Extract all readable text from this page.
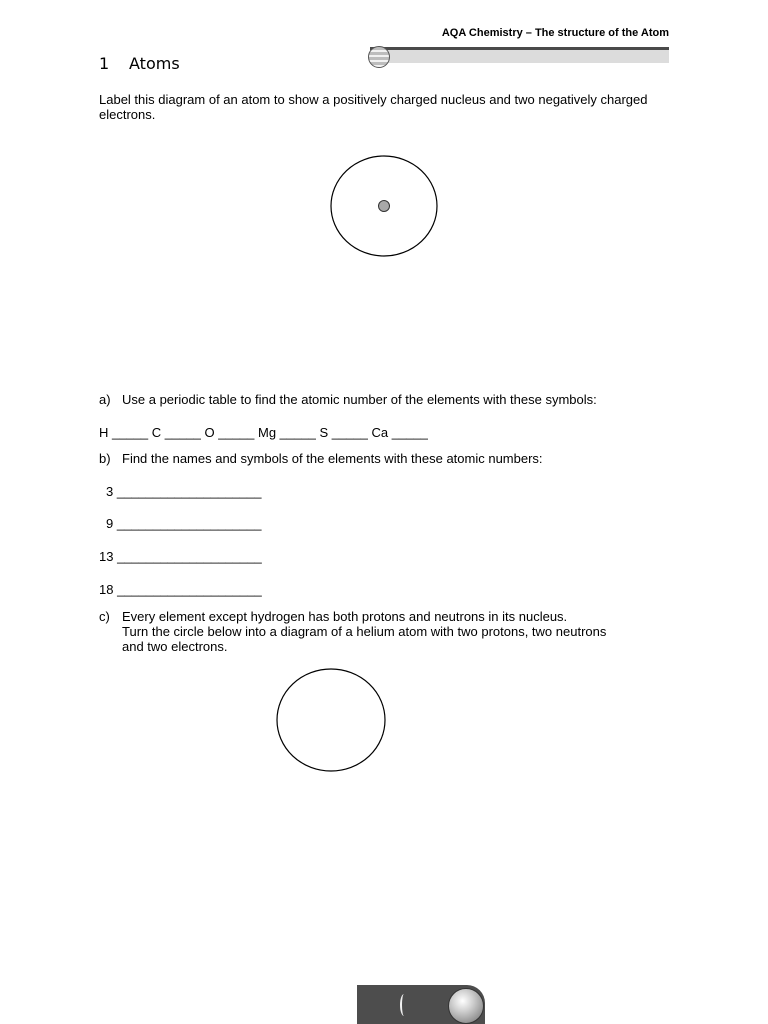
AQA Chemistry – The structure of the Atom
1 Atoms
Label this diagram of an atom to show a positively charged nucleus and two negatively charged electrons.
a) Use a periodic table to find the atomic number of the elements with these symbols:
H _____ C _____ O _____ Mg _____ S _____ Ca _____
b) Find the names and symbols of the elements with these atomic numbers:
3 ____________________
9 ____________________
13 ____________________
18 ____________________
c) Every element except hydrogen has both protons and neutrons in its nucleus.
Turn the circle below into a diagram of a helium atom with two protons, two neutrons
and two electrons.
